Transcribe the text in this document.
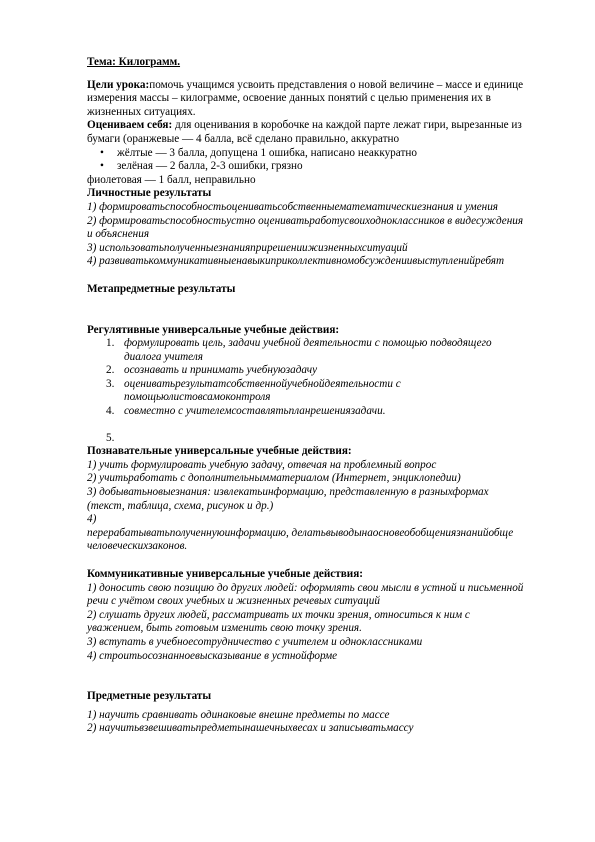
Тема: Килограмм.

Цели урока:помочь учащимся усвоить представления о новой величине – массе и единице измерения массы – килограмме, освоение данных понятий с целью применения их в жизненных ситуациях.

Оцениваем себя: для оценивания в коробочке на каждой парте лежат гири, вырезанные из бумаги (оранжевые — 4 балла, всё сделано правильно, аккуратно

• жёлтые — 3 балла, допущена 1 ошибка, написано неаккуратно
• зелёная — 2 балла, 2-3 ошибки, грязно

фиолетовая — 1 балл, неправильно

Личностные результаты

1) формироватьспособностьоцениватьсобственныематематическиезнания и умения

2) формироватьспособностьустно оцениватьработусвоиходноклассников в видесуждения и объяснения

3) использоватьполученныезнанияприрешениижизненныхситуаций

4) развиватькоммуникативныенавыкиприколлективномобсуждениивыступленийребят

Метапредметные результаты

Регулятивные универсальные учебные действия:

1. формулировать цель, задачи учебной деятельности с помощью подводящего диалога учителя
2. осознавать и принимать учебнуюзадачу
3. оцениватьрезультатсобственнойучебнойдеятельности с помощьюлистовсамоконтроля
4. совместно с учителемсоставлятьпланрешениязадачи.
5.

Познавательные универсальные учебные действия:

1) учить формулировать учебную задачу, отвечая на проблемный вопрос

2) учитьработать с дополнительнымматериалом (Интернет, энциклопедии)

3) добыватьновыезнания: извлекатьинформацию, представленную в разныхформах (текст, таблица, схема, рисунок и др.)

4)

перерабатыватьполученнуюинформацию, делатьвыводынаосновеобобщениязнанийобще человеческихзаконов.

Коммуникативные универсальные учебные действия:

1) доносить свою позицию до других людей: оформлять свои мысли в устной и письменной речи с учётом своих учебных и жизненных речевых ситуаций

2) слушать других людей, рассматривать их точки зрения, относиться к ним с уважением, быть готовым изменить свою точку зрения.

3) вступать в учебноесотрудничество с учителем и одноклассниками

4) строитьосознанноевысказывание в устнойформе

Предметные результаты

1) научить сравнивать одинаковые внешне предметы по массе

2) научитьвзвешиватьпредметынашечныхвесах и записыватьмассу
